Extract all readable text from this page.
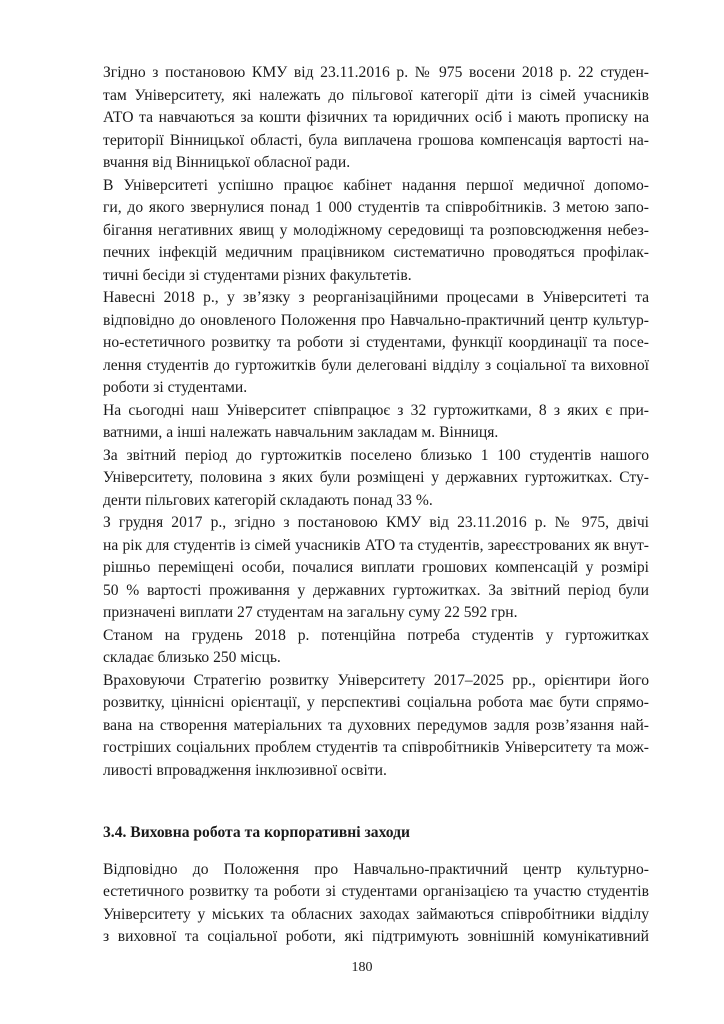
Згідно з постановою КМУ від 23.11.2016 р. № 975 восени 2018 р. 22 студен-
там Університету, які належать до пільгової категорії діти із сімей учасників
АТО та навчаються за кошти фізичних та юридичних осіб і мають прописку на
території Вінницької області, була виплачена грошова компенсація вартості на-
вчання від Вінницької обласної ради.
В Університеті успішно працює кабінет надання першої медичної допомо-
ги, до якого звернулися понад 1 000 студентів та співробітників. З метою запо-
бігання негативних явищ у молодіжному середовищі та розповсюдження небез-
печних інфекцій медичним працівником систематично проводяться профілак-
тичні бесіди зі студентами різних факультетів.
Навесні 2018 р., у зв’язку з реорганізаційними процесами в Університеті та
відповідно до оновленого Положення про Навчально-практичний центр культур-
но-естетичного розвитку та роботи зі студентами, функції координації та посе-
лення студентів до гуртожитків були делеговані відділу з соціальної та виховної
роботи зі студентами.
На сьогодні наш Університет співпрацює з 32 гуртожитками, 8 з яких є при-
ватними, а інші належать навчальним закладам м. Вінниця.
За звітний період до гуртожитків поселено близько 1 100 студентів нашого
Університету, половина з яких були розміщені у державних гуртожитках. Сту-
денти пільгових категорій складають понад 33 %.
З грудня 2017 р., згідно з постановою КМУ від 23.11.2016 р. № 975, двічі
на рік для студентів із сімей учасників АТО та студентів, зареєстрованих як внут-
рішньо переміщені особи, почалися виплати грошових компенсацій у розмірі
50 % вартості проживання у державних гуртожитках. За звітний період були
призначені виплати 27 студентам на загальну суму 22 592 грн.
Станом на грудень 2018 р. потенційна потреба студентів у гуртожитках
складає близько 250 місць.
Враховуючи Стратегію розвитку Університету 2017–2025 рр., орієнтири його
розвитку, ціннісні орієнтації, у перспективі соціальна робота має бути спрямо-
вана на створення матеріальних та духовних передумов задля розв’язання най-
гостріших соціальних проблем студентів та співробітників Університету та мож-
ливості впровадження інклюзивної освіти.
3.4. Виховна робота та корпоративні заходи
Відповідно до Положення про Навчально-практичний центр культурно-
естетичного розвитку та роботи зі студентами організацією та участю студентів
Університету у міських та обласних заходах займаються співробітники відділу
з виховної та соціальної роботи, які підтримують зовнішній комунікативний
180
